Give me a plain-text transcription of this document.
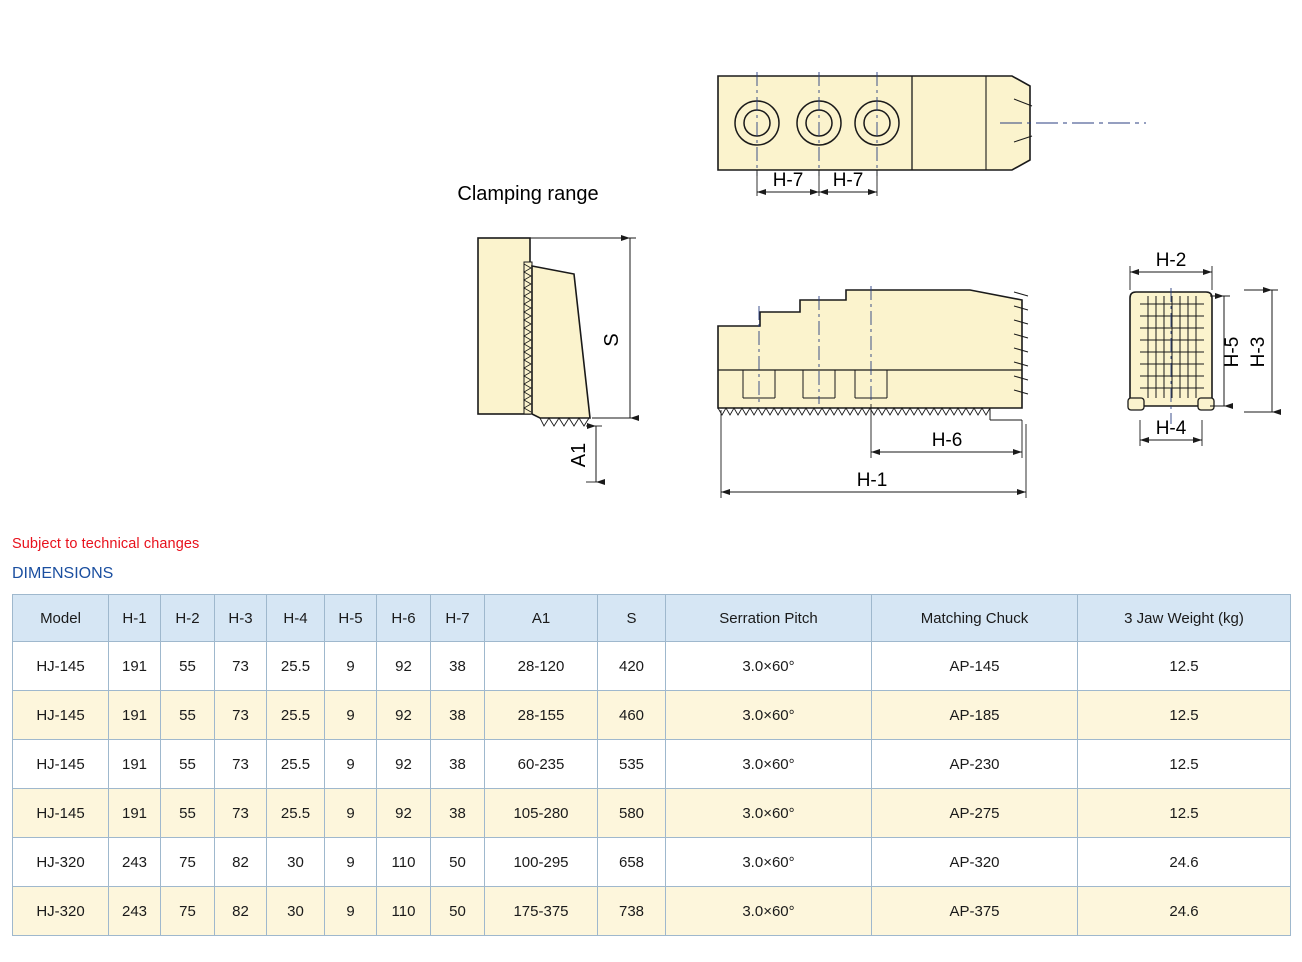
H-7 H-7
Clamping range
S
A1
H-6
H-1
H-2
H-5 H-3
H-4
Subject to technical changes
DIMENSIONS
Model	H-1	H-2	H-3	H-4	H-5	H-6	H-7	A1	S	Serration Pitch	Matching Chuck	3 Jaw Weight (kg)
HJ-145	191	55	73	25.5	9	92	38	28-120	420	3.0×60°	AP-145	12.5
HJ-145	191	55	73	25.5	9	92	38	28-155	460	3.0×60°	AP-185	12.5
HJ-145	191	55	73	25.5	9	92	38	60-235	535	3.0×60°	AP-230	12.5
HJ-145	191	55	73	25.5	9	92	38	105-280	580	3.0×60°	AP-275	12.5
HJ-320	243	75	82	30	9	110	50	100-295	658	3.0×60°	AP-320	24.6
HJ-320	243	75	82	30	9	110	50	175-375	738	3.0×60°	AP-375	24.6
